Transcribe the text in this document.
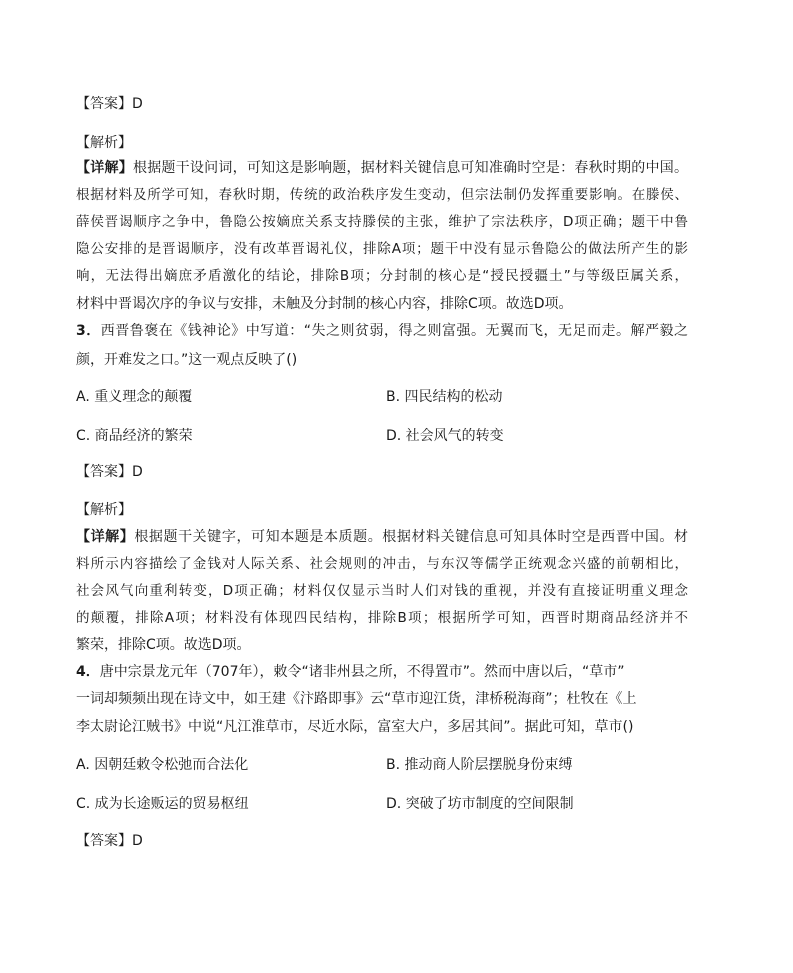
【答案】D
【解析】
【详解】根据题干设问词，可知这是影响题，据材料关键信息可知准确时空是：春秋时期的中国。
根据材料及所学可知，春秋时期，传统的政治秩序发生变动，但宗法制仍发挥重要影响。在滕侯、
薛侯晋谒顺序之争中，鲁隐公按嫡庶关系支持滕侯的主张，维护了宗法秩序，D项正确；题干中鲁
隐公安排的是晋谒顺序，没有改革晋谒礼仪，排除A项；题干中没有显示鲁隐公的做法所产生的影
响，无法得出嫡庶矛盾激化的结论，排除B项；分封制的核心是“授民授疆土”与等级臣属关系，
材料中晋谒次序的争议与安排，未触及分封制的核心内容，排除C项。故选D项。
3．西晋鲁褒在《钱神论》中写道：“失之则贫弱，得之则富强。无翼而飞，无足而走。解严毅之
颜，开难发之口。”这一观点反映了()
A. 重义理念的颠覆	B. 四民结构的松动
C. 商品经济的繁荣	D. 社会风气的转变
【答案】D
【解析】
【详解】根据题干关键字，可知本题是本质题。根据材料关键信息可知具体时空是西晋中国。材
料所示内容描绘了金钱对人际关系、社会规则的冲击，与东汉等儒学正统观念兴盛的前朝相比，
社会风气向重利转变，D项正确；材料仅仅显示当时人们对钱的重视，并没有直接证明重义理念
的颠覆，排除A项；材料没有体现四民结构，排除B项；根据所学可知，西晋时期商品经济并不
繁荣，排除C项。故选D项。
4．唐中宗景龙元年（707年），敕令“诸非州县之所，不得置市”。然而中唐以后，“草市”
一词却频频出现在诗文中，如王建《汴路即事》云“草市迎江货，津桥税海商”；杜牧在《上
李太尉论江贼书》中说“凡江淮草市，尽近水际，富室大户，多居其间”。据此可知，草市()
A. 因朝廷敕令松弛而合法化	B. 推动商人阶层摆脱身份束缚
C. 成为长途贩运的贸易枢纽	D. 突破了坊市制度的空间限制
【答案】D
